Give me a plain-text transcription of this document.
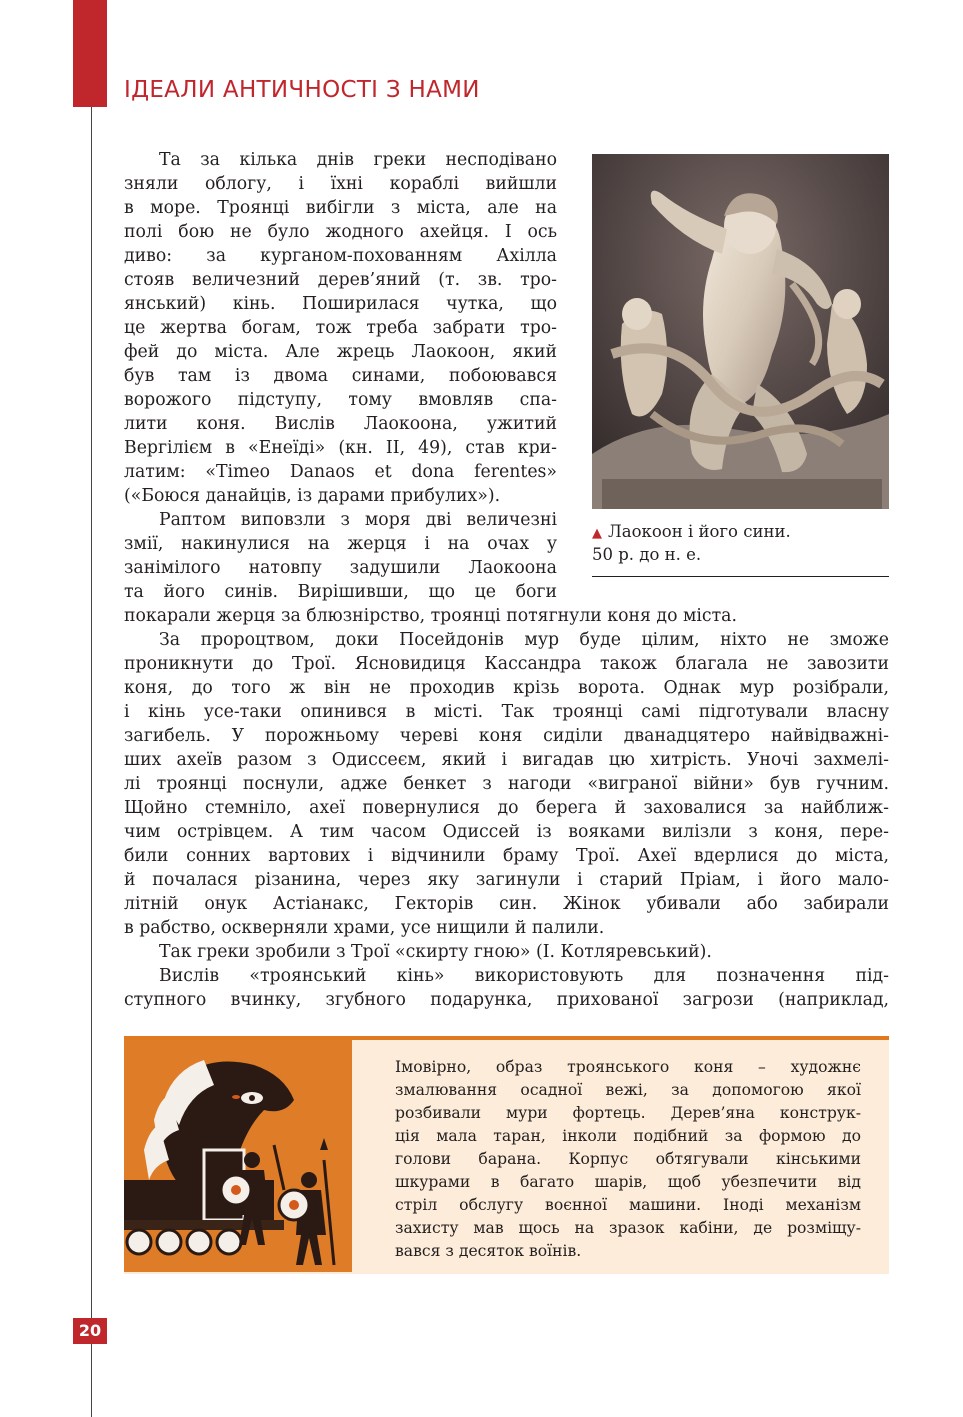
ІДЕАЛИ АНТИЧНОСТІ З НАМИ
▲ Лаокоон і його сини.
50 р. до н. е.
Та за кілька днів греки несподівано
зняли облогу, і їхні кораблі вийшли
в море. Троянці вибігли з міста, але на
полі бою не було жодного ахейця. І ось
диво: за курганом-похованням Ахілла
стояв величезний дерев’яний (т. зв. тро-
янський) кінь. Поширилася чутка, що
це жертва богам, тож треба забрати тро-
фей до міста. Але жрець Лаокоон, який
був там із двома синами, побоювався
ворожого підступу, тому вмовляв спа-
лити коня. Вислів Лаокоона, ужитий
Вергілієм в «Енеїді» (кн. ІІ, 49), став кри-
латим: «Timeo Danaos et dona ferentes»
(«Боюся данайців, із дарами прибулих»).
Раптом виповзли з моря дві величезні
змії, накинулися на жерця і на очах у
занімілого натовпу задушили Лаокоона
та його синів. Вирішивши, що це боги
покарали жерця за блюзнірство, троянці потягнули коня до міста.
За пророцтвом, доки Посейдонів мур буде цілим, ніхто не зможе
проникнути до Трої. Ясновидиця Кассандра також благала не завозити
коня, до того ж він не проходив крізь ворота. Однак мур розібрали,
і кінь усе-таки опинився в місті. Так троянці самі підготували власну
загибель. У порожньому череві коня сиділи дванадцятеро найвідважні-
ших ахеїв разом з Одиссеєм, який і вигадав цю хитрість. Уночі захмелі-
лі троянці поснули, адже бенкет з нагоди «виграної війни» був гучним.
Щойно стемніло, ахеї повернулися до берега й заховалися за найближ-
чим острівцем. А тим часом Одиссей із вояками вилізли з коня, пере-
били сонних вартових і відчинили браму Трої. Ахеї вдерлися до міста,
й почалася різанина, через яку загинули і старий Пріам, і його мало-
літній онук Астіанакс, Гекторів син. Жінок убивали або забирали
в рабство, оскверняли храми, усе нищили й палили.
Так греки зробили з Трої «скирту гною» (І. Котляревський).
Вислів «троянський кінь» використовують для позначення під-
ступного вчинку, згубного подарунка, прихованої загрози (наприклад,
Імовірно, образ троянського коня – художнє
змалювання осадної вежі, за допомогою якої
розбивали мури фортець. Дерев’яна конструк-
ція мала таран, інколи подібний за формою до
голови барана. Корпус обтягували кінськими
шкурами в багато шарів, щоб убезпечити від
стріл обслугу воєнної машини. Іноді механізм
захисту мав щось на зразок кабіни, де розміщу-
вався з десяток воїнів.
20
